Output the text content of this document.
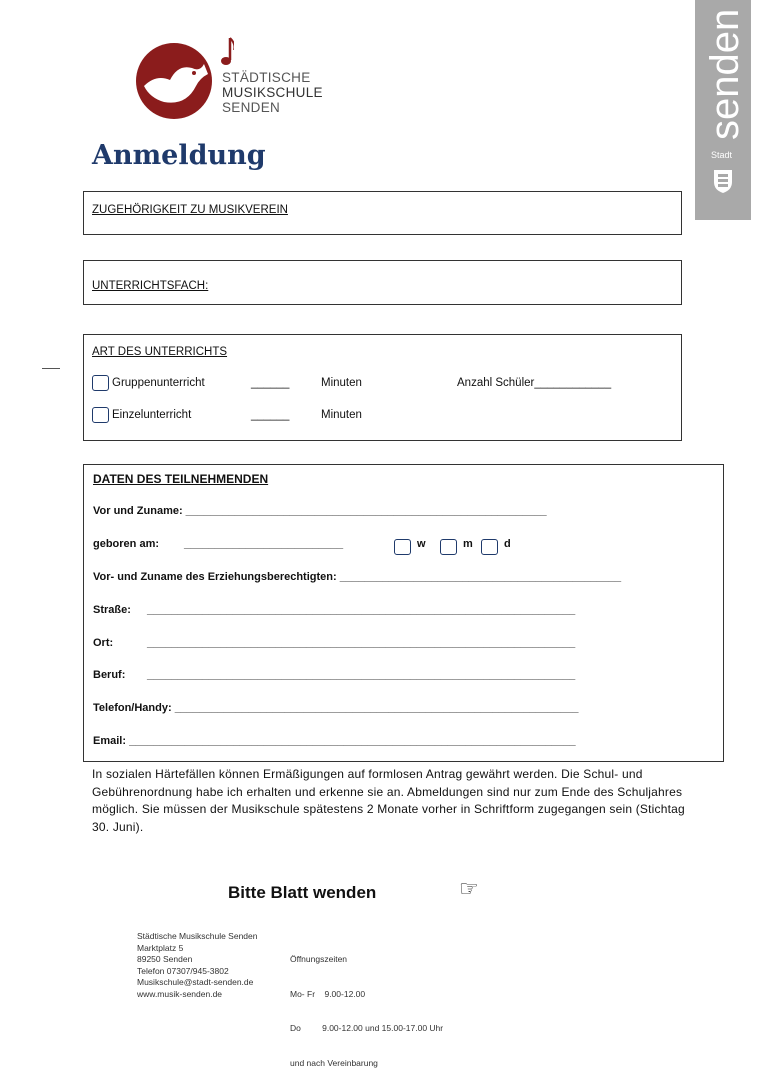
STÄDTISCHE
MUSIKSCHULE
SENDEN	senden
Stadt
Anmeldung
ZUGEHÖRIGKEIT ZU MUSIKVEREIN
UNTERRICHTSFACH:
ART DES UNTERRICHTS
Gruppenunterricht	______	Minuten	Anzahl Schüler____________
Einzelunterricht	______	Minuten
DATEN DES TEILNEHMENDEN
Vor und Zuname: ___________________________________________________________
geboren am: __________________________	w	m	d
Vor- und Zuname des Erziehungsberechtigten: ______________________________________________
Straße: ______________________________________________________________________
Ort:	______________________________________________________________________
Beruf: ______________________________________________________________________
Telefon/Handy: __________________________________________________________________
Email: _________________________________________________________________________
In sozialen Härtefällen können Ermäßigungen auf formlosen Antrag gewährt werden. Die Schul- und Gebührenordnung habe ich erhalten und erkenne sie an. Abmeldungen sind nur zum Ende des Schuljahres möglich. Sie müssen der Musikschule spätestens 2 Monate vorher in Schriftform zugegangen sein (Stichtag 30. Juni).
Bitte Blatt wenden	☞
Städtische Musikschule Senden
Marktplatz 5
89250 Senden
Telefon 07307/945-3802
Musikschule@stadt-senden.de
www.musik-senden.de

Öffnungszeiten

Mo- Fr    9.00-12.00

Do         9.00-12.00 und 15.00-17.00 Uhr

und nach Vereinbarung
